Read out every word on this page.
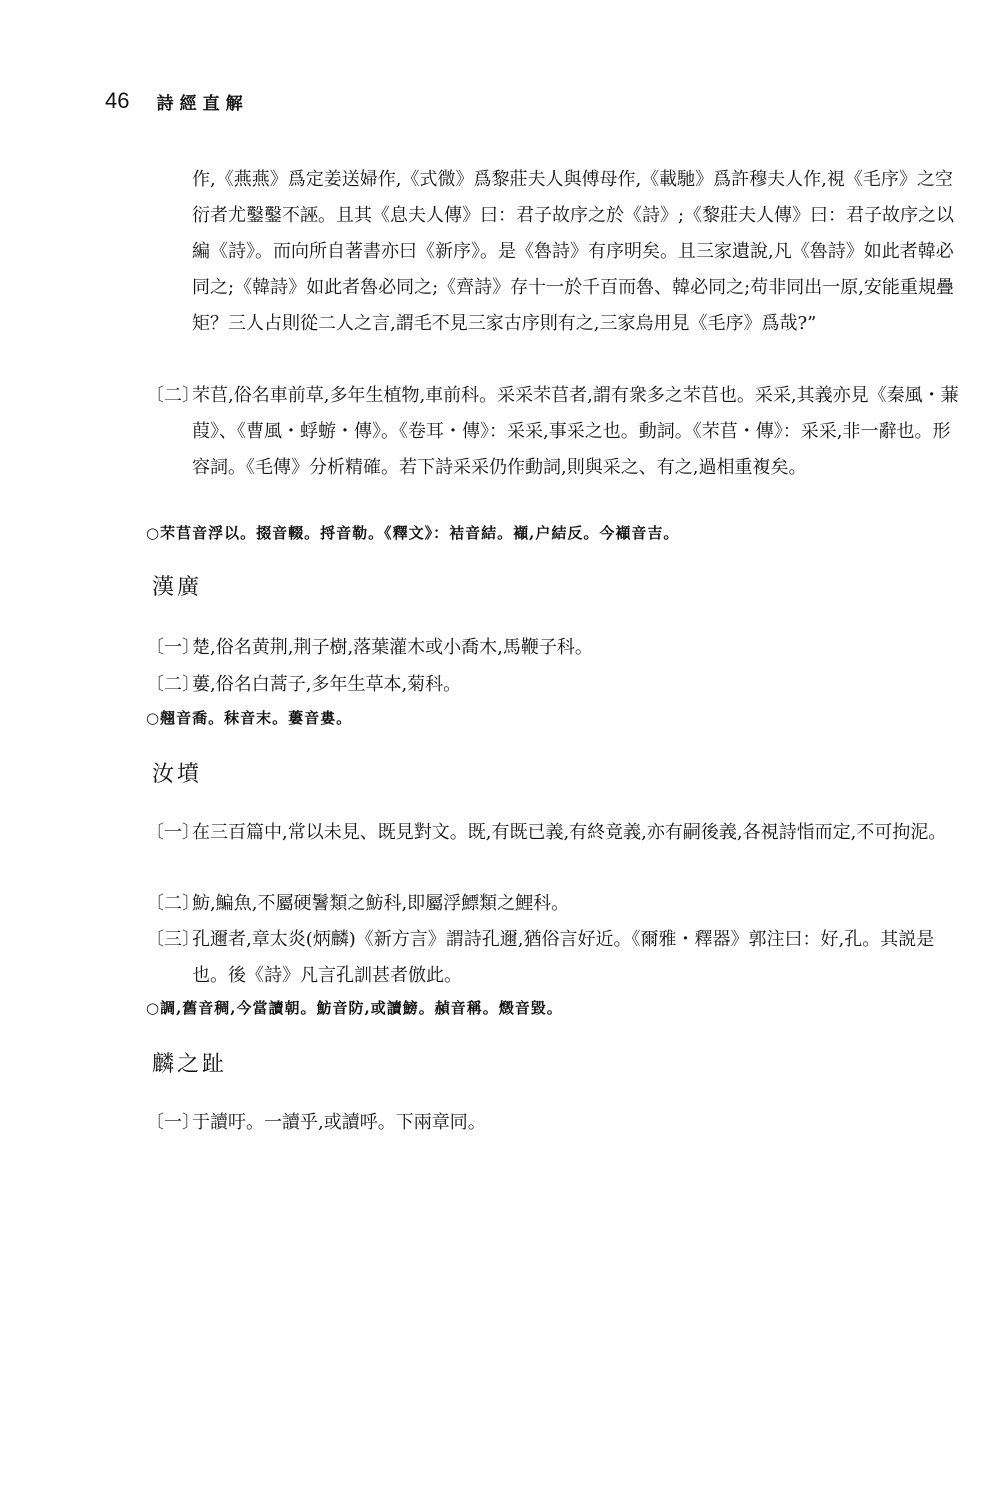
46 詩經直解

作,《燕燕》爲定姜送婦作,《式微》爲黎莊夫人與傅母作,《載馳》爲許穆夫人作,視《毛序》之空衍者尤鑿鑿不誣。且其《息夫人傳》曰：君子故序之於《詩》;《黎莊夫人傳》曰：君子故序之以編《詩》。而向所自著書亦曰《新序》。是《魯詩》有序明矣。且三家遺說,凡《魯詩》如此者韓必同之;《韓詩》如此者魯必同之;《齊詩》存十一於千百而魯、韓必同之;苟非同出一原,安能重規疊矩？三人占則從二人之言,謂毛不見三家古序則有之,三家烏用見《毛序》爲哉?”

〔二〕芣苢,俗名車前草,多年生植物,車前科。采采芣苢者,謂有衆多之芣苢也。采采,其義亦見《秦風・蒹葭》、《曹風・蜉蝣・傳》。《卷耳・傳》：采采,事采之也。動詞。《芣苢・傳》：采采,非一辭也。形容詞。《毛傳》分析精確。若下詩采采仍作動詞,則與采之、有之,過相重複矣。
○芣苢音浮以。掇音輟。捋音勒。《釋文》：袺音結。襭,户結反。今襭音吉。
漢廣
〔一〕楚,俗名黄荆,荆子樹,落葉灌木或小喬木,馬鞭子科。
〔二〕蔞,俗名白蒿子,多年生草本,菊科。
○翹音喬。秣音末。蔞音婁。
汝墳
〔一〕在三百篇中,常以未見、既見對文。既,有既已義,有終竟義,亦有嗣後義,各視詩恉而定,不可拘泥。
〔二〕魴,鯿魚,不屬硬鬐類之魴科,即屬浮鰾類之鯉科。
〔三〕孔邇者,章太炎(炳麟)《新方言》謂詩孔邇,猶俗言好近。《爾雅・釋器》郭注曰：好,孔。其説是也。後《詩》凡言孔訓甚者倣此。
○調,舊音稠,今當讀朝。魴音防,或讀鰟。赬音稱。燬音毀。
麟之趾
〔一〕于讀吁。一讀乎,或讀呼。下兩章同。
